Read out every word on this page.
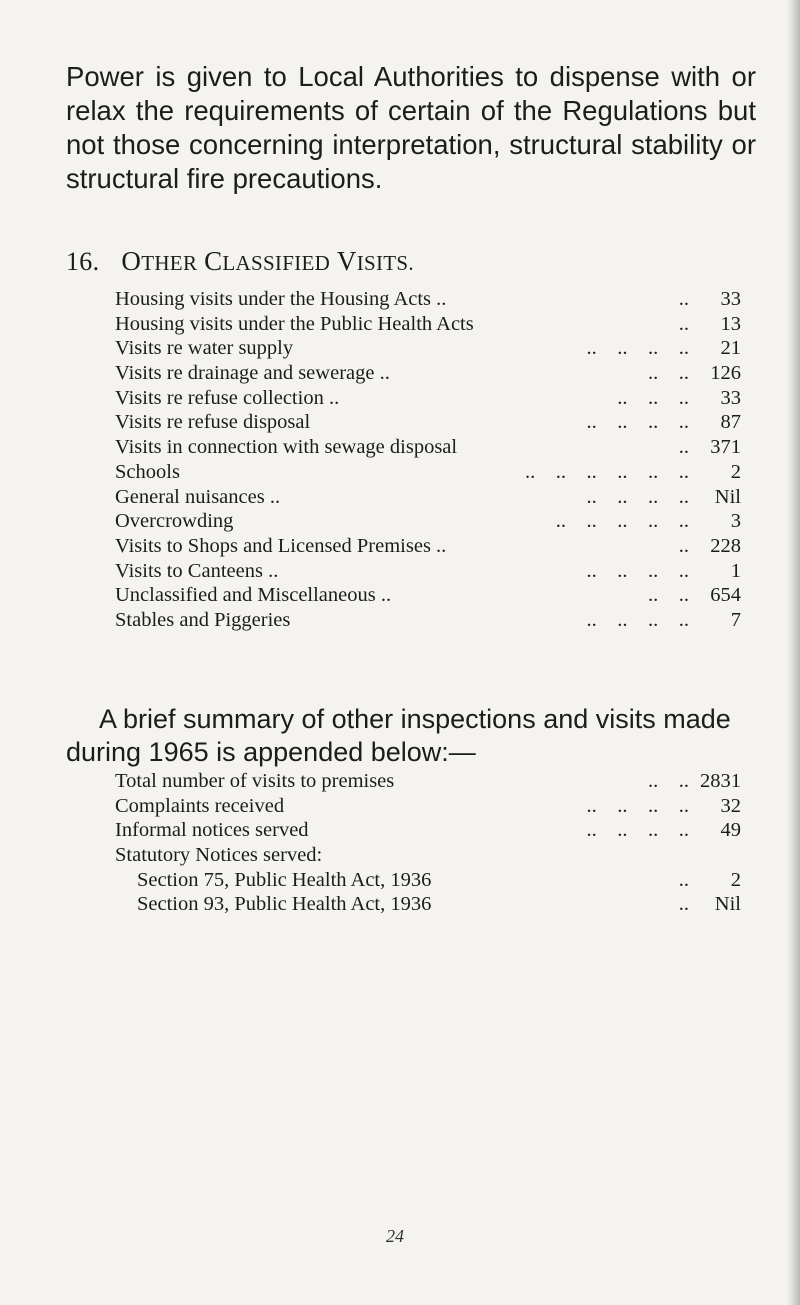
Power is given to Local Authorities to dispense with or relax the requirements of certain of the Regulations but not those concerning interpretation, structural stability or structural fire precautions.

16. OTHER CLASSIFIED VISITS.
Housing visits under the Housing Acts ..	.. 33
Housing visits under the Public Health Acts	.. 13
Visits re water supply	..    ..    ..    .. 21
Visits re drainage and sewerage ..	..    .. 126
Visits re refuse collection ..	..    ..    .. 33
Visits re refuse disposal	..    ..    ..    .. 87
Visits in connection with sewage disposal	.. 371
Schools	..    ..    ..    ..    ..    .. 2
General nuisances ..	..    ..    ..    .. Nil
Overcrowding	..    ..    ..    ..    .. 3
Visits to Shops and Licensed Premises ..	.. 228
Visits to Canteens ..	..    ..    ..    .. 1
Unclassified and Miscellaneous ..	..    .. 654
Stables and Piggeries	..    ..    ..    .. 7
A brief summary of other inspections and visits made
during 1965 is appended below:—
Total number of visits to premises	..    .. 2831
Complaints received	..    ..    ..    .. 32
Informal notices served	..    ..    ..    .. 49
Statutory Notices served:
Section 75, Public Health Act, 1936	.. 2
Section 93, Public Health Act, 1936	.. Nil
24
